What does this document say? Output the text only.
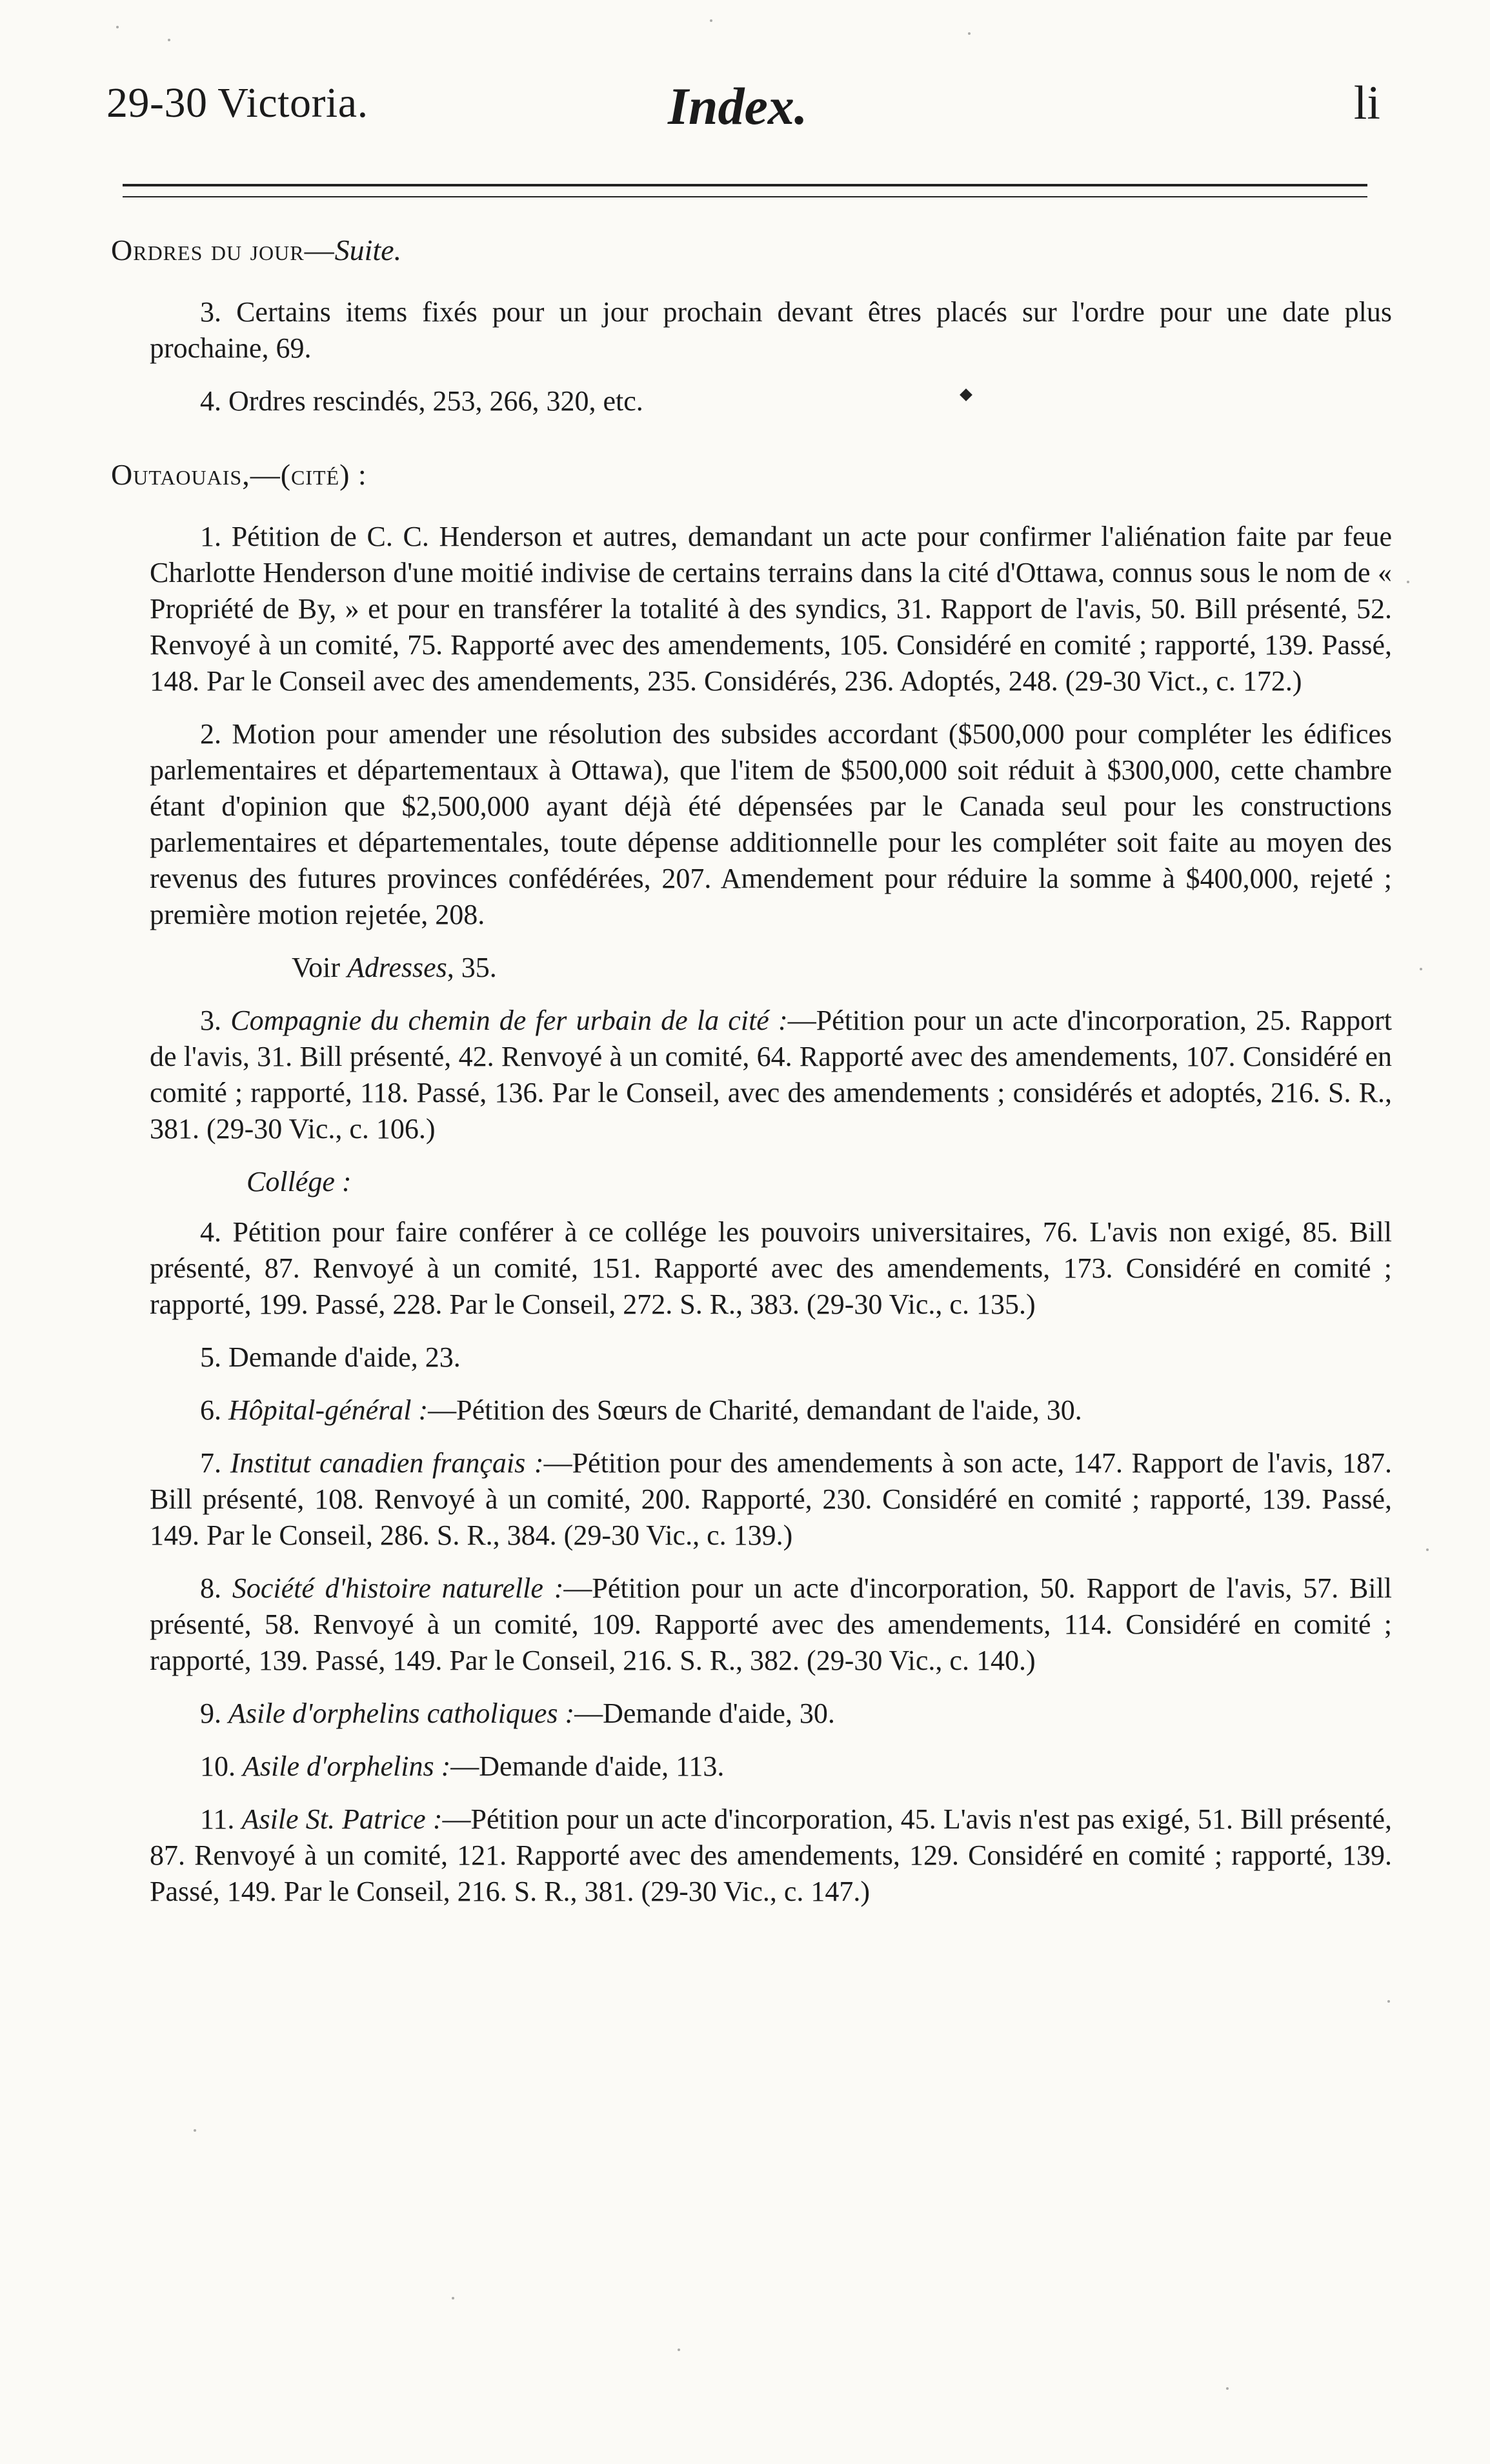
29-30 Victoria.	Index.	li
Ordres du jour—Suite.
3. Certains items fixés pour un jour prochain devant êtres placés sur l'ordre pour une date plus prochaine, 69.
4. Ordres rescindés, 253, 266, 320, etc.
Outaouais,—(cité) :
1. Pétition de C. C. Henderson et autres, demandant un acte pour confirmer l'aliénation faite par feue Charlotte Henderson d'une moitié indivise de certains terrains dans la cité d'Ottawa, connus sous le nom de « Propriété de By, » et pour en transférer la totalité à des syndics, 31. Rapport de l'avis, 50. Bill présenté, 52. Renvoyé à un comité, 75. Rapporté avec des amendements, 105. Considéré en comité ; rapporté, 139. Passé, 148. Par le Conseil avec des amendements, 235. Considérés, 236. Adoptés, 248. (29-30 Vict., c. 172.)
2. Motion pour amender une résolution des subsides accordant ($500,000 pour compléter les édifices parlementaires et départementaux à Ottawa), que l'item de $500,000 soit réduit à $300,000, cette chambre étant d'opinion que $2,500,000 ayant déjà été dépensées par le Canada seul pour les constructions parlementaires et départementales, toute dépense additionnelle pour les compléter soit faite au moyen des revenus des futures provinces confédérées, 207. Amendement pour réduire la somme à $400,000, rejeté ; première motion rejetée, 208.
Voir Adresses, 35.
3. Compagnie du chemin de fer urbain de la cité :—Pétition pour un acte d'incorporation, 25. Rapport de l'avis, 31. Bill présenté, 42. Renvoyé à un comité, 64. Rapporté avec des amendements, 107. Considéré en comité ; rapporté, 118. Passé, 136. Par le Conseil, avec des amendements ; considérés et adoptés, 216. S. R., 381. (29-30 Vic., c. 106.)
Collége :
4. Pétition pour faire conférer à ce collége les pouvoirs universitaires, 76. L'avis non exigé, 85. Bill présenté, 87. Renvoyé à un comité, 151. Rapporté avec des amendements, 173. Considéré en comité ; rapporté, 199. Passé, 228. Par le Conseil, 272. S. R., 383. (29-30 Vic., c. 135.)
5. Demande d'aide, 23.
6. Hôpital-général :—Pétition des Sœurs de Charité, demandant de l'aide, 30.
7. Institut canadien français :—Pétition pour des amendements à son acte, 147. Rapport de l'avis, 187. Bill présenté, 108. Renvoyé à un comité, 200. Rapporté, 230. Considéré en comité ; rapporté, 139. Passé, 149. Par le Conseil, 286. S. R., 384. (29-30 Vic., c. 139.)
8. Société d'histoire naturelle :—Pétition pour un acte d'incorporation, 50. Rapport de l'avis, 57. Bill présenté, 58. Renvoyé à un comité, 109. Rapporté avec des amendements, 114. Considéré en comité ; rapporté, 139. Passé, 149. Par le Conseil, 216. S. R., 382. (29-30 Vic., c. 140.)
9. Asile d'orphelins catholiques :—Demande d'aide, 30.
10. Asile d'orphelins :—Demande d'aide, 113.
11. Asile St. Patrice :—Pétition pour un acte d'incorporation, 45. L'avis n'est pas exigé, 51. Bill présenté, 87. Renvoyé à un comité, 121. Rapporté avec des amendements, 129. Considéré en comité ; rapporté, 139. Passé, 149. Par le Conseil, 216. S. R., 381. (29-30 Vic., c. 147.)
